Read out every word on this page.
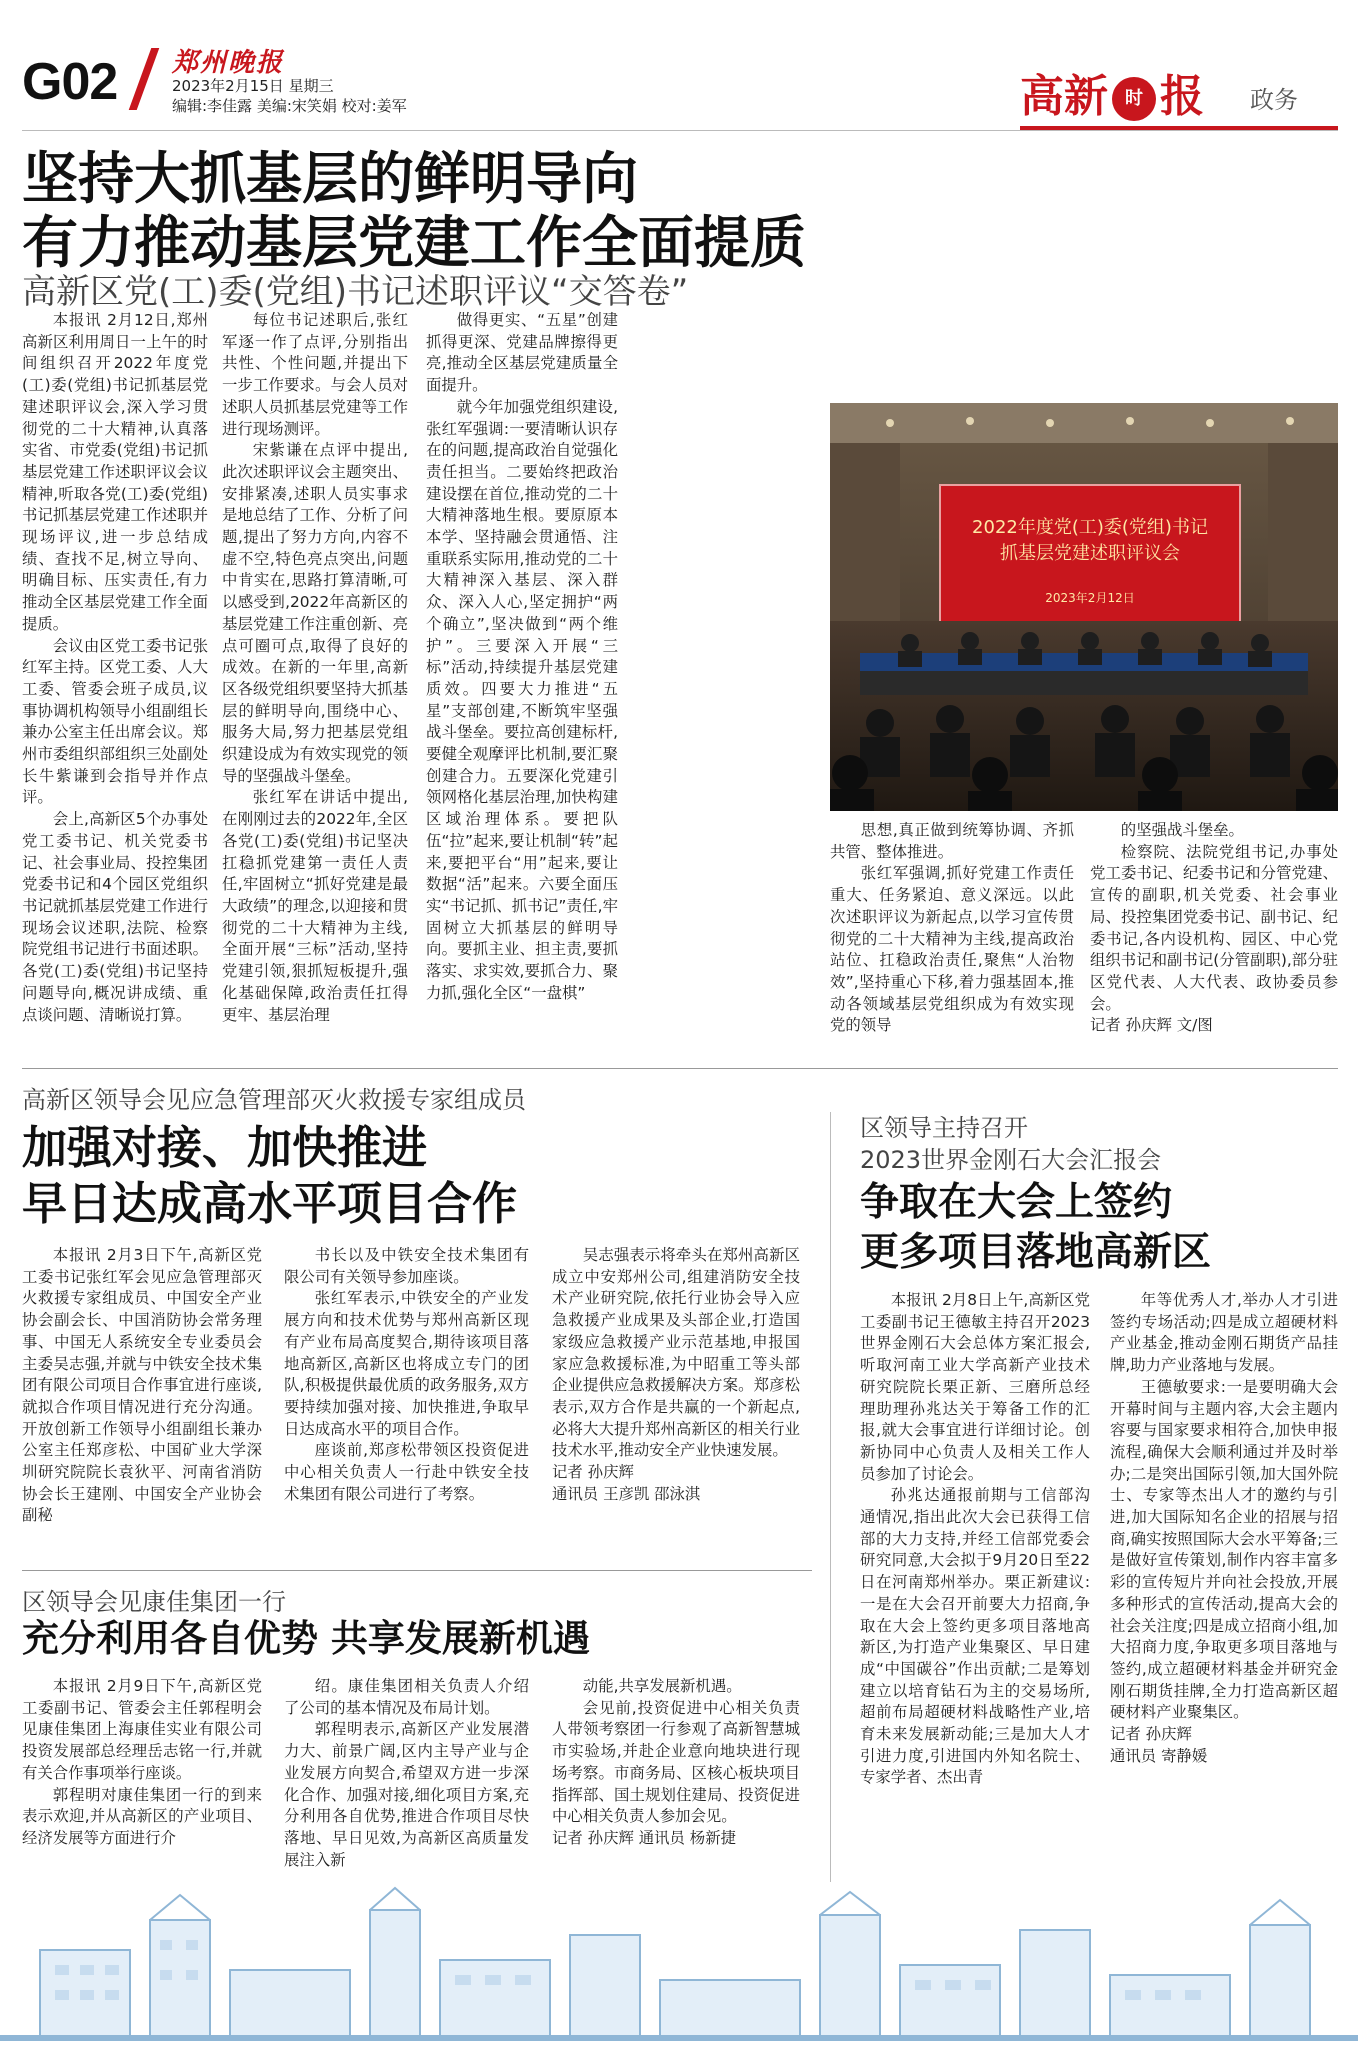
G02 郑州晚报
2023年2月15日 星期三
编辑:李佳露 美编:宋笑娟 校对:姜军	高新 时 报 政务
坚持大抓基层的鲜明导向
有力推动基层党建工作全面提质
高新区党(工)委(党组)书记述职评议“交答卷”

本报讯 2月12日,郑州高新区利用周日一上午的时间组织召开2022年度党(工)委(党组)书记抓基层党建述职评议会,深入学习贯彻党的二十大精神,认真落实省、市党委(党组)书记抓基层党建工作述职评议会议精神,听取各党(工)委(党组)书记抓基层党建工作述职并现场评议,进一步总结成绩、查找不足,树立导向、明确目标、压实责任,有力推动全区基层党建工作全面提质。

会议由区党工委书记张红军主持。区党工委、人大工委、管委会班子成员,议事协调机构领导小组副组长兼办公室主任出席会议。郑州市委组织部组织三处副处长牛紫谦到会指导并作点评。

会上,高新区5个办事处党工委书记、机关党委书记、社会事业局、投控集团党委书记和4个园区党组织书记就抓基层党建工作进行现场会议述职,法院、检察院党组书记进行书面述职。各党(工)委(党组)书记坚持问题导向,概况讲成绩、重点谈问题、清晰说打算。

每位书记述职后,张红军逐一作了点评,分别指出共性、个性问题,并提出下一步工作要求。与会人员对述职人员抓基层党建等工作进行现场测评。

宋紫谦在点评中提出,此次述职评议会主题突出、安排紧凑,述职人员实事求是地总结了工作、分析了问题,提出了努力方向,内容不虚不空,特色亮点突出,问题中肯实在,思路打算清晰,可以感受到,2022年高新区的基层党建工作注重创新、亮点可圈可点,取得了良好的成效。在新的一年里,高新区各级党组织要坚持大抓基层的鲜明导向,围绕中心、服务大局,努力把基层党组织建设成为有效实现党的领导的坚强战斗堡垒。

张红军在讲话中提出,在刚刚过去的2022年,全区各党(工)委(党组)书记坚决扛稳抓党建第一责任人责任,牢固树立“抓好党建是最大政绩”的理念,以迎接和贯彻党的二十大精神为主线,全面开展“三标”活动,坚持党建引领,狠抓短板提升,强化基础保障,政治责任扛得更牢、基层治理

做得更实、“五星”创建抓得更深、党建品牌擦得更亮,推动全区基层党建质量全面提升。

就今年加强党组织建设,张红军强调:一要清晰认识存在的问题,提高政治自觉强化责任担当。二要始终把政治建设摆在首位,推动党的二十大精神落地生根。要原原本本学、坚持融会贯通悟、注重联系实际用,推动党的二十大精神深入基层、深入群众、深入人心,坚定拥护“两个确立”,坚决做到“两个维护”。三要深入开展“三标”活动,持续提升基层党建质效。四要大力推进“五星”支部创建,不断筑牢坚强战斗堡垒。要拉高创建标杆,要健全观摩评比机制,要汇聚创建合力。五要深化党建引领网格化基层治理,加快构建区域治理体系。要把队伍“拉”起来,要让机制“转”起来,要把平台“用”起来,要让数据“活”起来。六要全面压实“书记抓、抓书记”责任,牢固树立大抓基层的鲜明导向。要抓主业、担主责,要抓落实、求实效,要抓合力、聚力抓,强化全区“一盘棋”

2022年度党(工)委(党组)书记
抓基层党建述职评议会
2023年2月12日

思想,真正做到统筹协调、齐抓共管、整体推进。

张红军强调,抓好党建工作责任重大、任务紧迫、意义深远。以此次述职评议为新起点,以学习宣传贯彻党的二十大精神为主线,提高政治站位、扛稳政治责任,聚焦“人治物效”,坚持重心下移,着力强基固本,推动各领域基层党组织成为有效实现党的领导

的坚强战斗堡垒。

检察院、法院党组书记,办事处党工委书记、纪委书记和分管党建、宣传的副职,机关党委、社会事业局、投控集团党委书记、副书记、纪委书记,各内设机构、园区、中心党组织书记和副书记(分管副职),部分驻区党代表、人大代表、政协委员参会。

记者 孙庆辉 文/图

高新区领导会见应急管理部灭火救援专家组成员
加强对接、加快推进
早日达成高水平项目合作

本报讯 2月3日下午,高新区党工委书记张红军会见应急管理部灭火救援专家组成员、中国安全产业协会副会长、中国消防协会常务理事、中国无人系统安全专业委员会主委吴志强,并就与中铁安全技术集团有限公司项目合作事宜进行座谈,就拟合作项目情况进行充分沟通。开放创新工作领导小组副组长兼办公室主任郑彦松、中国矿业大学深圳研究院院长袁狄平、河南省消防协会长王建刚、中国安全产业协会副秘

书长以及中铁安全技术集团有限公司有关领导参加座谈。

张红军表示,中铁安全的产业发展方向和技术优势与郑州高新区现有产业布局高度契合,期待该项目落地高新区,高新区也将成立专门的团队,积极提供最优质的政务服务,双方要持续加强对接、加快推进,争取早日达成高水平的项目合作。

座谈前,郑彦松带领区投资促进中心相关负责人一行赴中铁安全技术集团有限公司进行了考察。

吴志强表示将牵头在郑州高新区成立中安郑州公司,组建消防安全技术产业研究院,依托行业协会导入应急救援产业成果及头部企业,打造国家级应急救援产业示范基地,申报国家应急救援标准,为中昭重工等头部企业提供应急救援解决方案。郑彦松表示,双方合作是共赢的一个新起点,必将大大提升郑州高新区的相关行业技术水平,推动安全产业快速发展。

记者 孙庆辉

通讯员 王彦凯 邵泳淇

区领导会见康佳集团一行
充分利用各自优势 共享发展新机遇

本报讯 2月9日下午,高新区党工委副书记、管委会主任郭程明会见康佳集团上海康佳实业有限公司投资发展部总经理岳志铭一行,并就有关合作事项举行座谈。

郭程明对康佳集团一行的到来表示欢迎,并从高新区的产业项目、经济发展等方面进行介

绍。康佳集团相关负责人介绍了公司的基本情况及布局计划。

郭程明表示,高新区产业发展潜力大、前景广阔,区内主导产业与企业发展方向契合,希望双方进一步深化合作、加强对接,细化项目方案,充分利用各自优势,推进合作项目尽快落地、早日见效,为高新区高质量发展注入新

动能,共享发展新机遇。

会见前,投资促进中心相关负责人带领考察团一行参观了高新智慧城市实验场,并赴企业意向地块进行现场考察。市商务局、区核心板块项目指挥部、国土规划住建局、投资促进中心相关负责人参加会见。

记者 孙庆辉 通讯员 杨新捷

区领导主持召开
2023世界金刚石大会汇报会
争取在大会上签约
更多项目落地高新区

本报讯 2月8日上午,高新区党工委副书记王德敏主持召开2023世界金刚石大会总体方案汇报会,听取河南工业大学高新产业技术研究院院长栗正新、三磨所总经理助理孙兆达关于筹备工作的汇报,就大会事宜进行详细讨论。创新协同中心负责人及相关工作人员参加了讨论会。

孙兆达通报前期与工信部沟通情况,指出此次大会已获得工信部的大力支持,并经工信部党委会研究同意,大会拟于9月20日至22日在河南郑州举办。栗正新建议:一是在大会召开前要大力招商,争取在大会上签约更多项目落地高新区,为打造产业集聚区、早日建成“中国碳谷”作出贡献;二是筹划建立以培育钻石为主的交易场所,超前布局超硬材料战略性产业,培育未来发展新动能;三是加大人才引进力度,引进国内外知名院士、专家学者、杰出青

年等优秀人才,举办人才引进签约专场活动;四是成立超硬材料产业基金,推动金刚石期货产品挂牌,助力产业落地与发展。

王德敏要求:一是要明确大会开幕时间与主题内容,大会主题内容要与国家要求相符合,加快申报流程,确保大会顺利通过并及时举办;二是突出国际引领,加大国外院士、专家等杰出人才的邀约与引进,加大国际知名企业的招展与招商,确实按照国际大会水平筹备;三是做好宣传策划,制作内容丰富多彩的宣传短片并向社会投放,开展多种形式的宣传活动,提高大会的社会关注度;四是成立招商小组,加大招商力度,争取更多项目落地与签约,成立超硬材料基金并研究金刚石期货挂牌,全力打造高新区超硬材料产业聚集区。

记者 孙庆辉

通讯员 寄静媛
